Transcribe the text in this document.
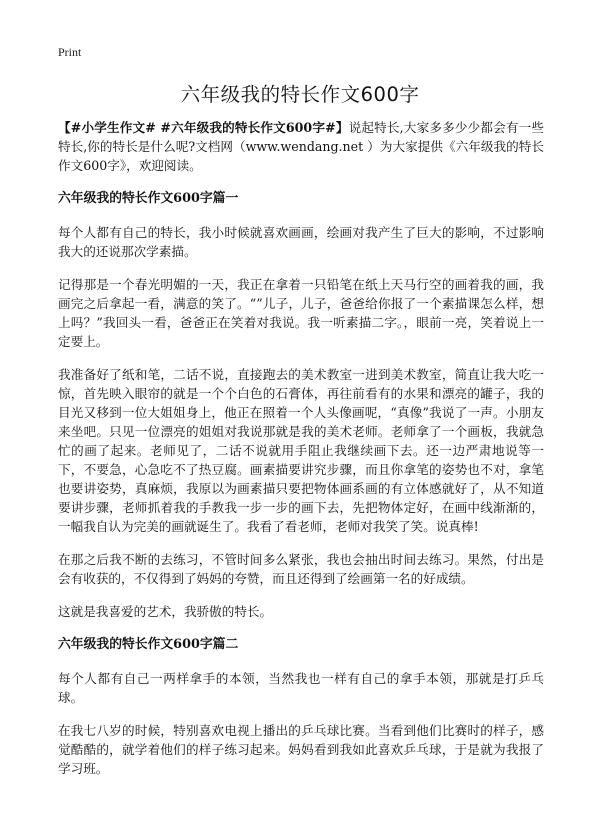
Print
六年级我的特长作文600字

【#小学生作文# #六年级我的特长作文600字#】说起特长,大家多多少少都会有一些特长,你的特长是什么呢?文档网（www.wendang.net ）为大家提供《六年级我的特长作文600字》，欢迎阅读。

六年级我的特长作文600字篇一

每个人都有自己的特长，我小时候就喜欢画画，绘画对我产生了巨大的影响，不过影响我大的还说那次学素描。

记得那是一个春光明媚的一天，我正在拿着一只铅笔在纸上天马行空的画着我的画，我画完之后拿起一看，满意的笑了。“”儿子，儿子，爸爸给你报了一个素描课怎么样，想上吗？”我回头一看，爸爸正在笑着对我说。我一听素描二字。，眼前一亮，笑着说上一定要上。

我准备好了纸和笔，二话不说，直接跑去的美术教室一进到美术教室，简直让我大吃一惊，首先映入眼帘的就是一个个白色的石膏体，再往前看有的水果和漂亮的罐子，我的目光又移到一位大姐姐身上，他正在照着一个人头像画呢，“真像”我说了一声。小朋友来坐吧。只见一位漂亮的姐姐对我说那就是我的美术老师。老师拿了一个画板，我就急忙的画了起来。老师见了，二话不说就用手阻止我继续画下去。还一边严肃地说等一下，不要急，心急吃不了热豆腐。画素描要讲究步骤，而且你拿笔的姿势也不对，拿笔也要讲姿势，真麻烦，我原以为画素描只要把物体画系画的有立体感就好了，从不知道要讲步骤，老师抓着我的手教我一步一步的画下去，先把物体定好，在画中线渐渐的，一幅我自认为完美的画就诞生了。我看了看老师，老师对我笑了笑。说真棒!

在那之后我不断的去练习，不管时间多么紧张，我也会抽出时间去练习。果然，付出是会有收获的，不仅得到了妈妈的夸赞，而且还得到了绘画第一名的好成绩。

这就是我喜爱的艺术，我骄傲的特长。

六年级我的特长作文600字篇二

每个人都有自己一两样拿手的本领，当然我也一样有自己的拿手本领，那就是打乒乓球。

在我七八岁的时候，特别喜欢电视上播出的乒乓球比赛。当看到他们比赛时的样子，感觉酷酷的，就学着他们的样子练习起来。妈妈看到我如此喜欢乒乓球，于是就为我报了学习班。
